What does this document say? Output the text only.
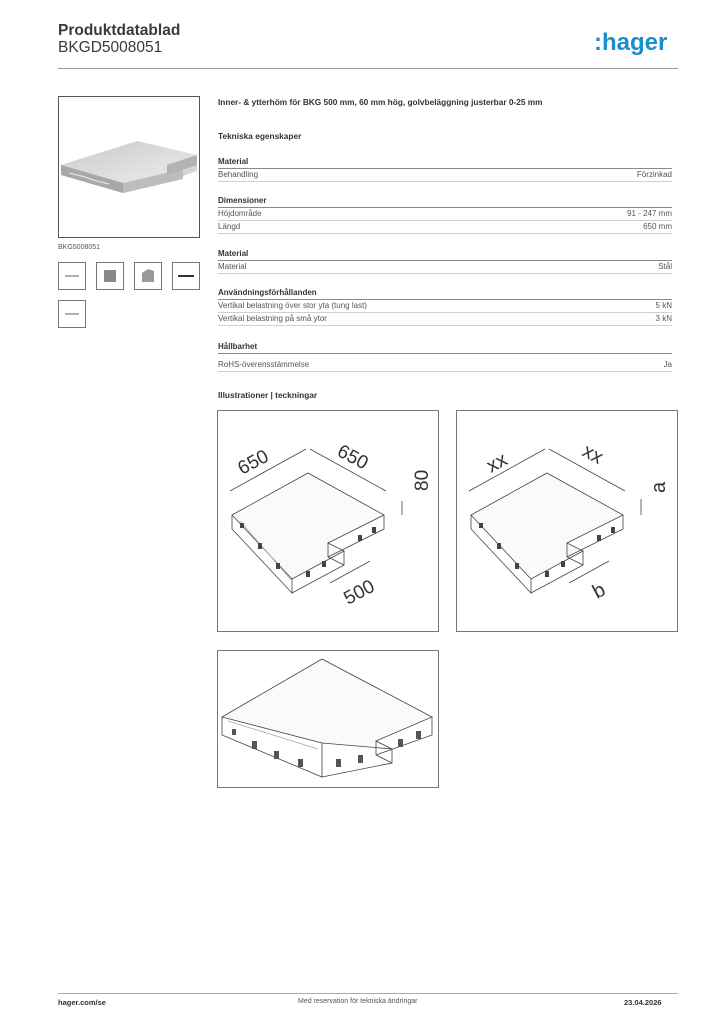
Produktdatablad
BKGD5008051	:hager
BKG5008051
Inner- & ytterhöm för BKG 500 mm, 60 mm hög, golvbeläggning justerbar 0-25 mm
Tekniska egenskaper
Material
Behandling	Förzinkad
Dimensioner
Höjdområde	91 - 247 mm
Längd	650 mm
Material
Material	Stål
Användningsförhållanden
Vertikal belastning över stor yta (tung last)	5 kN
Vertikal belastning på små ytor	3 kN
Hållbarhet
RoHS-överensstämmelse	Ja
Illustrationer | teckningar
650	650
80
500
xx	xx
a
b
hager.com/se	Med reservation för tekniska ändringar	23.04.2026
